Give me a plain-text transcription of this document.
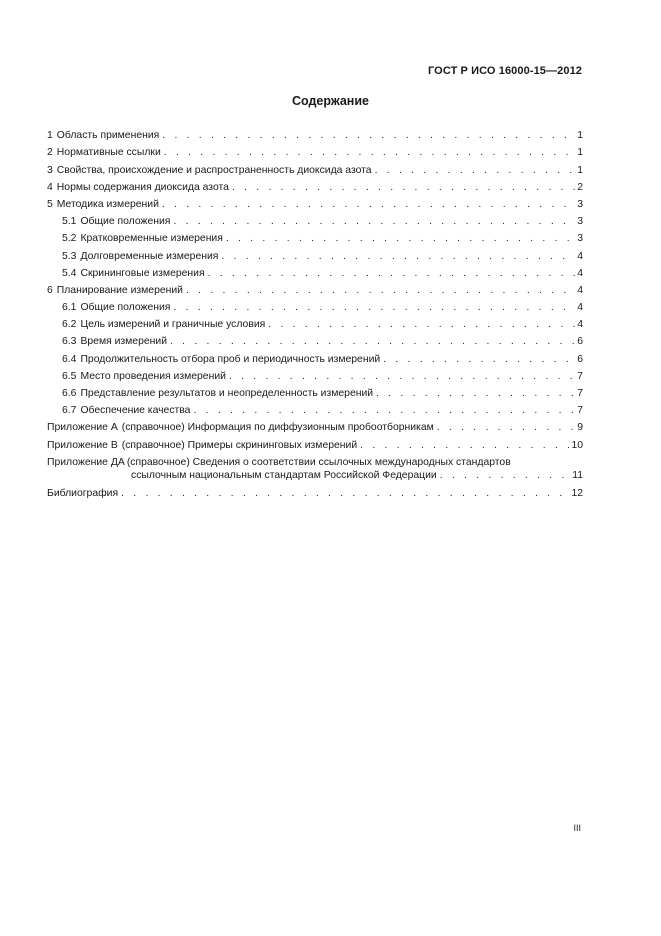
ГОСТ Р ИСО 16000-15—2012
Содержание
1 Область применения . . .	1
2 Нормативные ссылки . . .	1
3 Свойства, происхождение и распространенность диоксида азота . . .	1
4 Нормы содержания диоксида азота . . .	2
5 Методика измерений . . .	3
5.1 Общие положения . . .	3
5.2 Кратковременные измерения . . .	3
5.3 Долговременные измерения . . .	4
5.4 Скрининговые измерения . . .	4
6 Планирование измерений . . .	4
6.1 Общие положения . . .	4
6.2 Цель измерений и граничные условия . . .	4
6.3 Время измерений . . .	6
6.4 Продолжительность отбора проб и периодичность измерений . . .	6
6.5 Место проведения измерений . . .	7
6.6 Представление результатов и неопределенность измерений . . .	7
6.7 Обеспечение качества . . .	7
Приложение А (справочное) Информация по диффузионным пробоотборникам . . .	9
Приложение В (справочное) Примеры скрининговых измерений . . .	10
Приложение ДА (справочное) Сведения о соответствии ссылочных международных стандартов
ссылочным национальным стандартам Российской Федерации . . .	11
Библиография . . .	12
III
